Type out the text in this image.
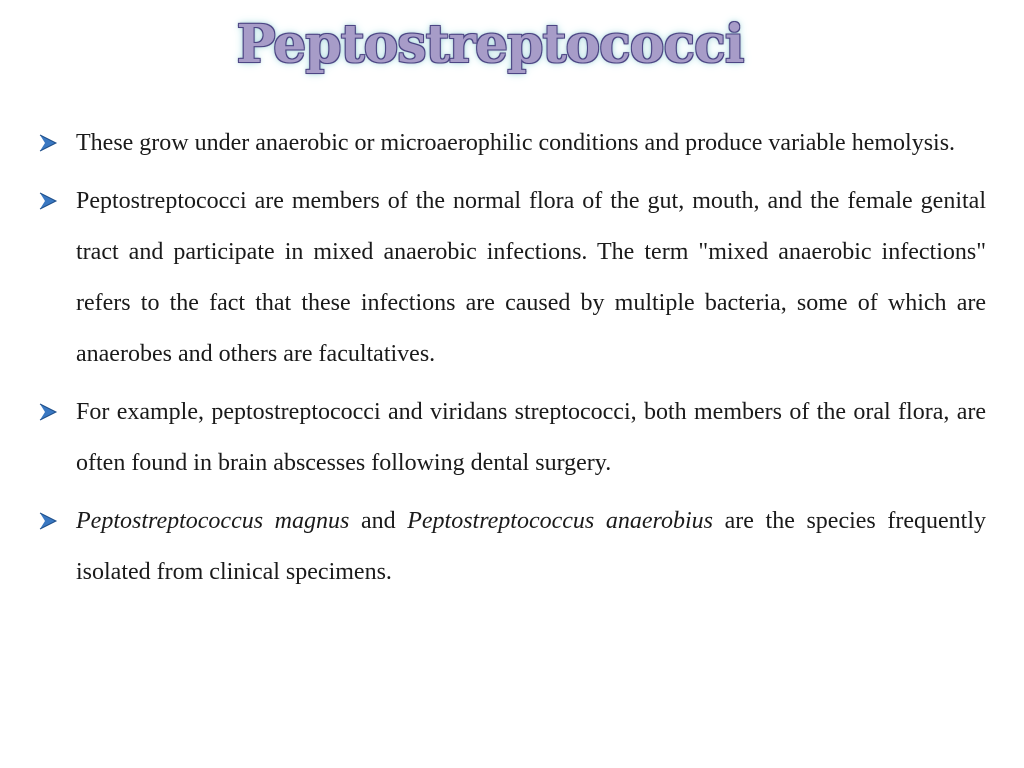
Peptostreptococci
These grow under anaerobic or microaerophilic conditions and produce variable hemolysis.
Peptostreptococci are members of the normal flora of the gut, mouth, and the female genital tract and participate in mixed anaerobic infections. The term "mixed anaerobic infections" refers to the fact that these infections are caused by multiple bacteria, some of which are anaerobes and others are facultatives.
For example, peptostreptococci and viridans streptococci, both members of the oral flora, are often found in brain abscesses following dental surgery.
Peptostreptococcus magnus and Peptostreptococcus anaerobius are the species frequently isolated from clinical specimens.
